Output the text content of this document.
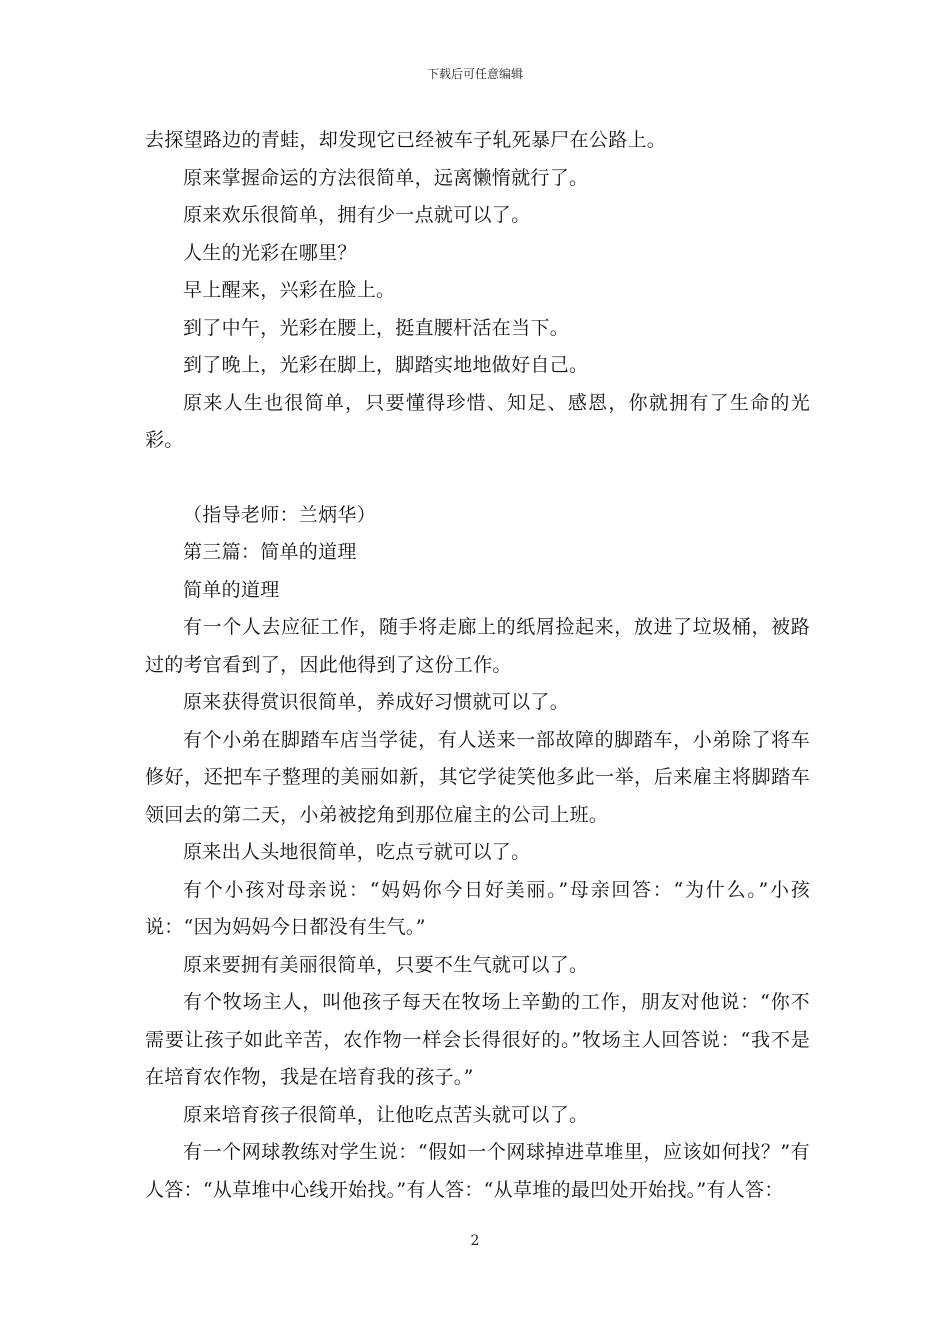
下载后可任意编辑

去探望路边的青蛙，却发现它已经被车子轧死暴尸在公路上。

原来掌握命运的方法很简单，远离懒惰就行了。

原来欢乐很简单，拥有少一点就可以了。

人生的光彩在哪里？

早上醒来，兴彩在脸上。

到了中午，光彩在腰上，挺直腰杆活在当下。

到了晚上，光彩在脚上，脚踏实地地做好自己。

原来人生也很简单，只要懂得珍惜、知足、感恩，你就拥有了生命的光彩。

（指导老师：兰炳华）

第三篇：简单的道理

简单的道理

有一个人去应征工作，随手将走廊上的纸屑捡起来，放进了垃圾桶，被路过的考官看到了，因此他得到了这份工作。

原来获得赏识很简单，养成好习惯就可以了。

有个小弟在脚踏车店当学徒，有人送来一部故障的脚踏车，小弟除了将车修好，还把车子整理的美丽如新，其它学徒笑他多此一举，后来雇主将脚踏车领回去的第二天，小弟被挖角到那位雇主的公司上班。

原来出人头地很简单，吃点亏就可以了。

有个小孩对母亲说：“妈妈你今日好美丽。”母亲回答：“为什么。”小孩说：“因为妈妈今日都没有生气。”

原来要拥有美丽很简单，只要不生气就可以了。

有个牧场主人，叫他孩子每天在牧场上辛勤的工作，朋友对他说：“你不需要让孩子如此辛苦，农作物一样会长得很好的。”牧场主人回答说：“我不是在培育农作物，我是在培育我的孩子。”

原来培育孩子很简单，让他吃点苦头就可以了。

有一个网球教练对学生说：“假如一个网球掉进草堆里，应该如何找？”有人答：“从草堆中心线开始找。”有人答：“从草堆的最凹处开始找。”有人答：

2
